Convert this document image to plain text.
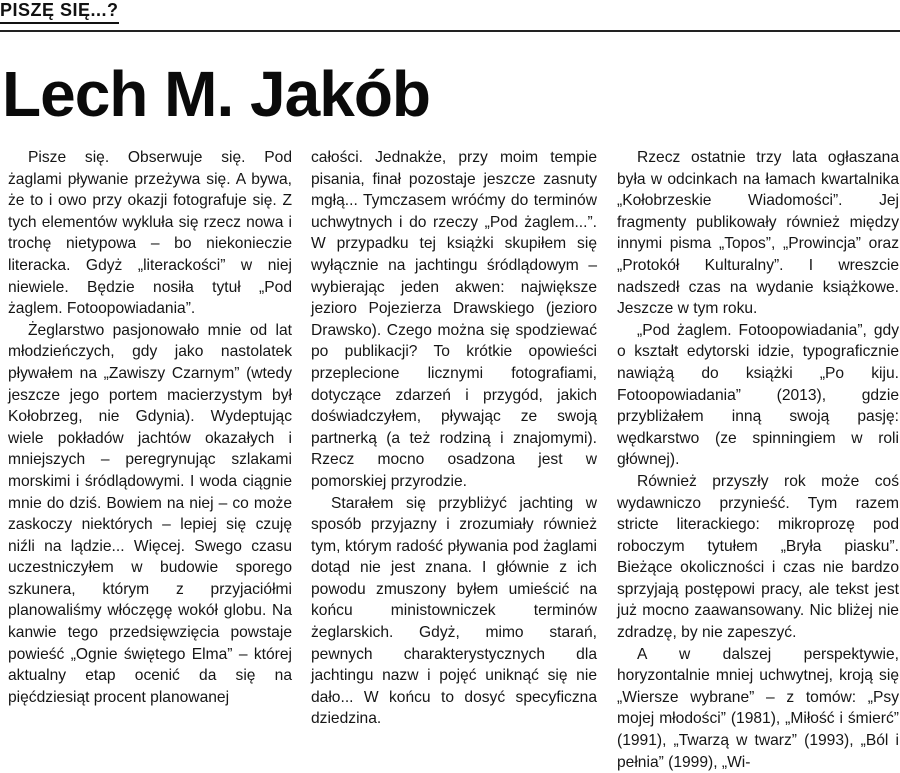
PISZĘ SIĘ...?
Lech M. Jakób

Pisze się. Obserwuje się. Pod żaglami pływanie przeżywa się. A bywa, że to i owo przy okazji fotografuje się. Z tych elementów wykluła się rzecz nowa i trochę nietypowa – bo niekonieczie literacka. Gdyż „literackości” w niej niewiele. Będzie nosiła tytuł „Pod żaglem. Fotoopowiadania”.

Żeglarstwo pasjonowało mnie od lat młodzieńczych, gdy jako nastolatek pływałem na „Zawiszy Czarnym” (wtedy jeszcze jego portem macierzystym był Kołobrzeg, nie Gdynia). Wydeptując wiele pokładów jachtów okazałych i mniejszych – peregrynując szlakami morskimi i śródlądowymi. I woda ciągnie mnie do dziś. Bowiem na niej – co może zaskoczy niektórych – lepiej się czuję niźli na lądzie... Więcej. Swego czasu uczestniczyłem w budowie sporego szkunera, którym z przyjaciółmi planowaliśmy włóczęgę wokół globu. Na kanwie tego przedsięwzięcia powstaje powieść „Ognie świętego Elma” – której aktualny etap ocenić da się na pięćdziesiąt procent planowanej

całości. Jednakże, przy moim tempie pisania, finał pozostaje jeszcze zasnuty mgłą... Tymczasem wróćmy do terminów uchwytnych i do rzeczy „Pod żaglem...”. W przypadku tej książki skupiłem się wyłącznie na jachtingu śródlądowym – wybierając jeden akwen: największe jezioro Pojezierza Drawskiego (jezioro Drawsko). Czego można się spodziewać po publikacji? To krótkie opowieści przeplecione licznymi fotografiami, dotyczące zdarzeń i przygód, jakich doświadczyłem, pływając ze swoją partnerką (a też rodziną i znajomymi). Rzecz mocno osadzona jest w pomorskiej przyrodzie.

Starałem się przybliżyć jachting w sposób przyjazny i zrozumiały również tym, którym radość pływania pod żaglami dotąd nie jest znana. I głównie z ich powodu zmuszony byłem umieścić na końcu ministowniczek terminów żeglarskich. Gdyż, mimo starań, pewnych charakterystycznych dla jachtingu nazw i pojęć uniknąć się nie dało... W końcu to dosyć specyficzna dziedzina.

Rzecz ostatnie trzy lata ogłaszana była w odcinkach na łamach kwartalnika „Kołobrzeskie Wiadomości”. Jej fragmenty publikowały również między innymi pisma „Topos”, „Prowincja” oraz „Protokół Kulturalny”. I wreszcie nadszedł czas na wydanie książkowe. Jeszcze w tym roku.

„Pod żaglem. Fotoopowiadania”, gdy o kształt edytorski idzie, typograficznie nawiążą do książki „Po kiju. Fotoopowiadania” (2013), gdzie przybliżałem inną swoją pasję: wędkarstwo (ze spinningiem w roli głównej).

Również przyszły rok może coś wydawniczo przynieść. Tym razem stricte literackiego: mikroprozę pod roboczym tytułem „Bryła piasku”. Bieżące okoliczności i czas nie bardzo sprzyjają postępowi pracy, ale tekst jest już mocno zaawansowany. Nic bliżej nie zdradzę, by nie zapeszyć.

A w dalszej perspektywie, horyzontalnie mniej uchwytnej, kroją się „Wiersze wybrane” – z tomów: „Psy mojej młodości” (1981), „Miłość i śmierć” (1991), „Twarzą w twarz” (1993), „Ból i pełnia” (1999), „Wi-
